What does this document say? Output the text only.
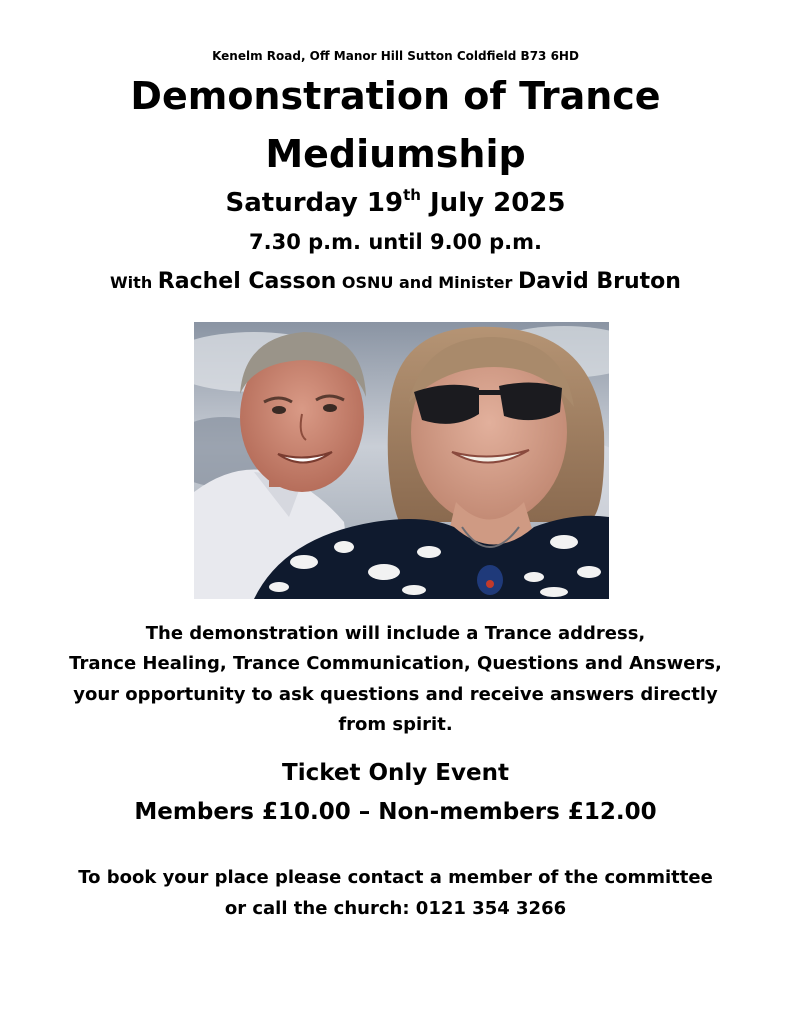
Kenelm Road, Off Manor Hill Sutton Coldfield B73 6HD
Demonstration of Trance
Mediumship
Saturday 19th July 2025
7.30 p.m. until 9.00 p.m.
With Rachel Casson OSNU and Minister David Bruton
The demonstration will include a Trance address,
Trance Healing, Trance Communication, Questions and Answers,
your opportunity to ask questions and receive answers directly
from spirit.
Ticket Only Event
Members £10.00 – Non-members £12.00
To book your place please contact a member of the committee
or call the church: 0121 354 3266
